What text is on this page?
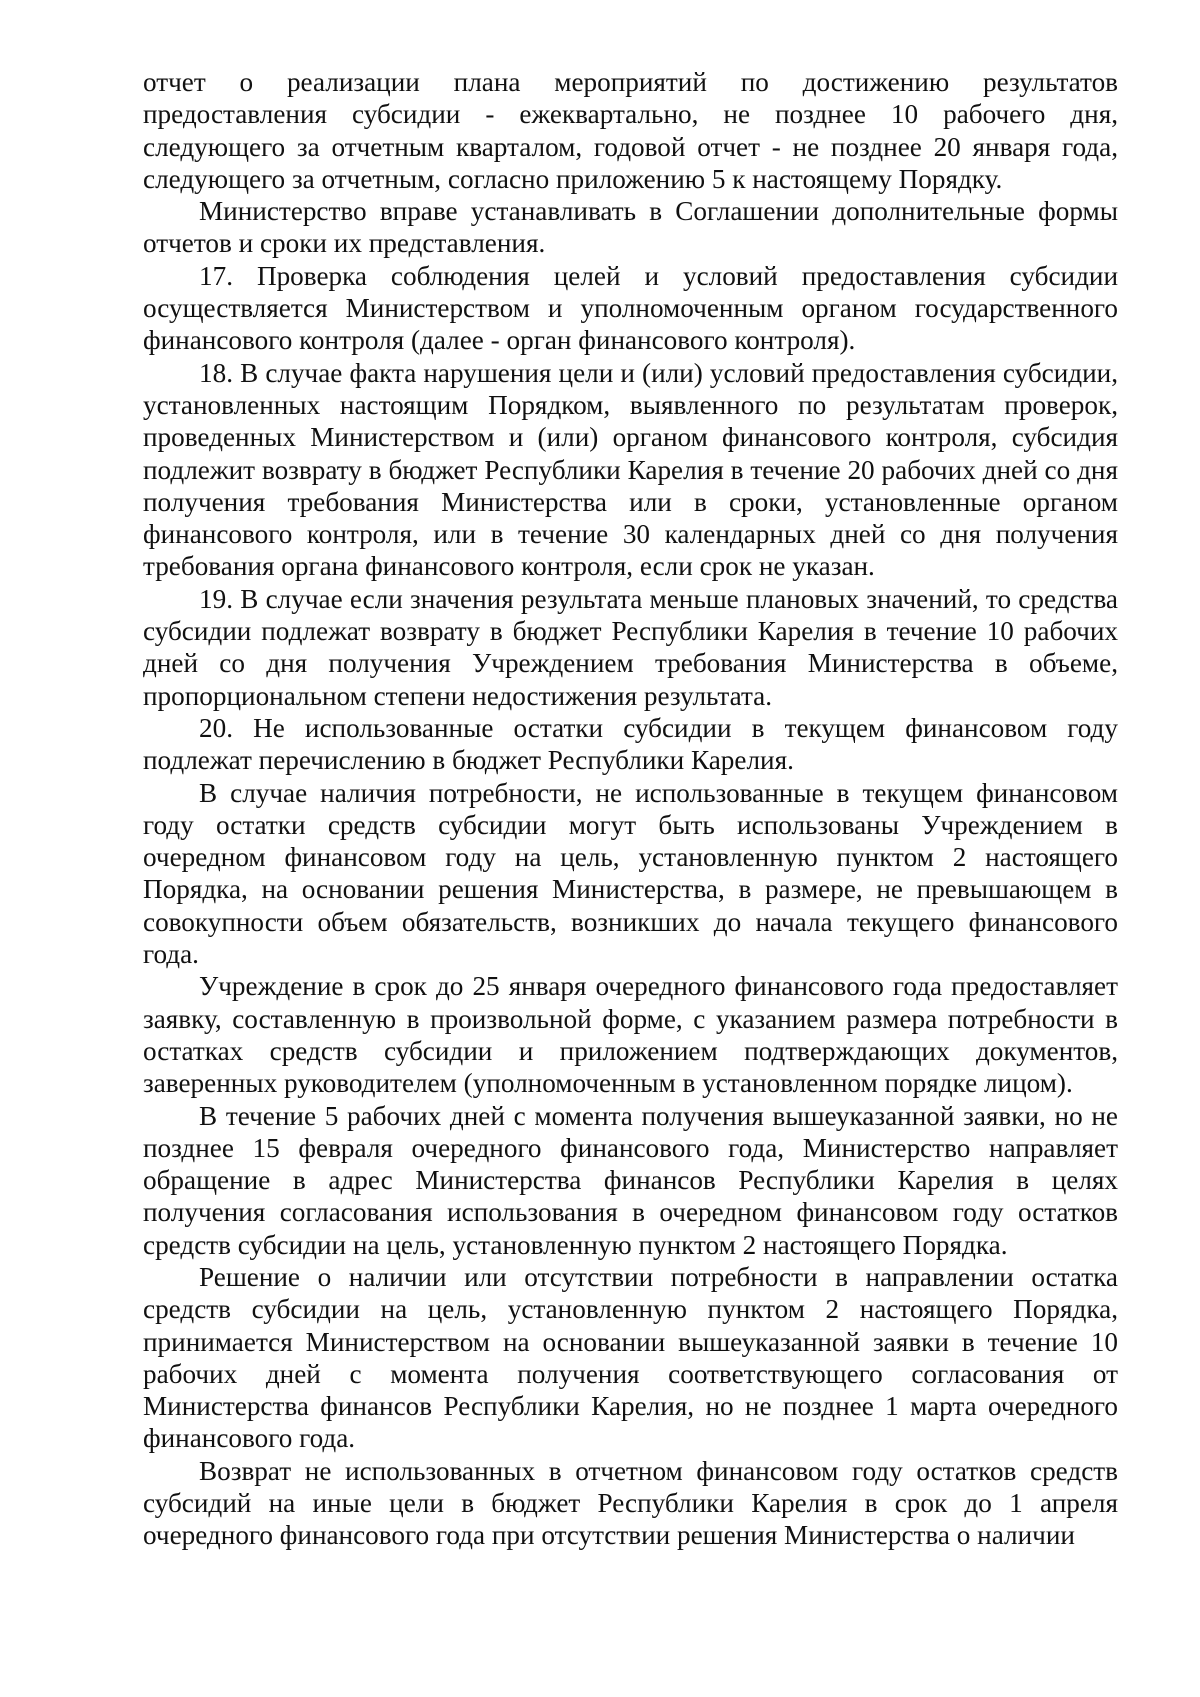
отчет о реализации плана мероприятий по достижению результатов предоставления субсидии - ежеквартально, не позднее 10 рабочего дня, следующего за отчетным кварталом, годовой отчет - не позднее 20 января года, следующего за отчетным, согласно приложению 5 к настоящему Порядку.

Министерство вправе устанавливать в Соглашении дополнительные формы отчетов и сроки их представления.

17. Проверка соблюдения целей и условий предоставления субсидии осуществляется Министерством и уполномоченным органом государственного финансового контроля (далее - орган финансового контроля).

18. В случае факта нарушения цели и (или) условий предоставления субсидии, установленных настоящим Порядком, выявленного по результатам проверок, проведенных Министерством и (или) органом финансового контроля, субсидия подлежит возврату в бюджет Республики Карелия в течение 20 рабочих дней со дня получения требования Министерства или в сроки, установленные органом финансового контроля, или в течение 30 календарных дней со дня получения требования органа финансового контроля, если срок не указан.

19. В случае если значения результата меньше плановых значений, то средства субсидии подлежат возврату в бюджет Республики Карелия в течение 10 рабочих дней со дня получения Учреждением требования Министерства в объеме, пропорциональном степени недостижения результата.

20. Не использованные остатки субсидии в текущем финансовом году подлежат перечислению в бюджет Республики Карелия.

В случае наличия потребности, не использованные в текущем финансовом году остатки средств субсидии могут быть использованы Учреждением в очередном финансовом году на цель, установленную пунктом 2 настоящего Порядка, на основании решения Министерства, в размере, не превышающем в совокупности объем обязательств, возникших до начала текущего финансового года.

Учреждение в срок до 25 января очередного финансового года предоставляет заявку, составленную в произвольной форме, с указанием размера потребности в остатках средств субсидии и приложением подтверждающих документов, заверенных руководителем (уполномоченным в установленном порядке лицом).

В течение 5 рабочих дней с момента получения вышеуказанной заявки, но не позднее 15 февраля очередного финансового года, Министерство направляет обращение в адрес Министерства финансов Республики Карелия в целях получения согласования использования в очередном финансовом году остатков средств субсидии на цель, установленную пунктом 2 настоящего Порядка.

Решение о наличии или отсутствии потребности в направлении остатка средств субсидии на цель, установленную пунктом 2 настоящего Порядка, принимается Министерством на основании вышеуказанной заявки в течение 10 рабочих дней с момента получения соответствующего согласования от Министерства финансов Республики Карелия, но не позднее 1 марта очередного финансового года.

Возврат не использованных в отчетном финансовом году остатков средств субсидий на иные цели в бюджет Республики Карелия в срок до 1 апреля очередного финансового года при отсутствии решения Министерства о наличии
